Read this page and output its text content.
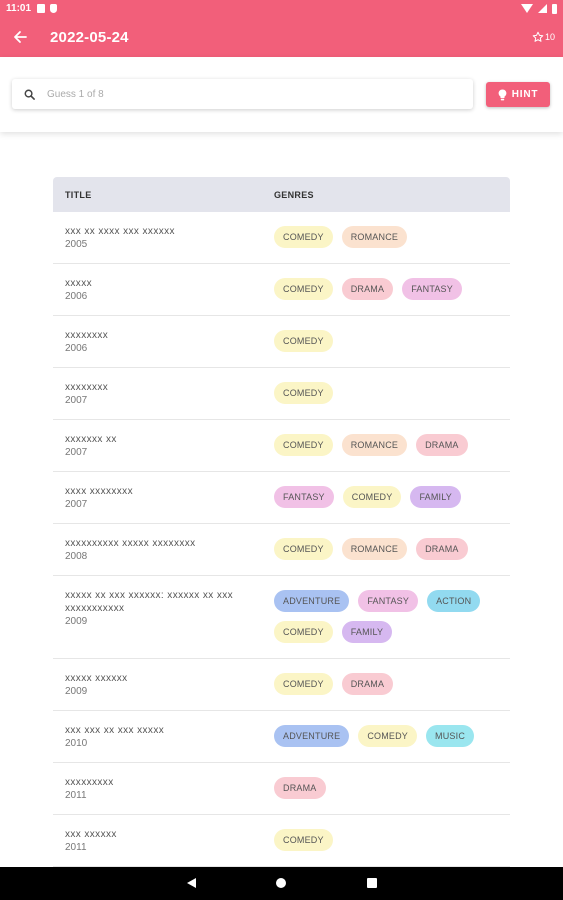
11:01
2022-05-24	10
Guess 1 of 8
HINT
TITLE	GENRES
xxx xx xxxx xxx xxxxxx
2005
COMEDY	ROMANCE
xxxxx
2006
COMEDY	DRAMA	FANTASY
xxxxxxxx
2006
COMEDY
xxxxxxxx
2007
COMEDY
xxxxxxx xx
2007
COMEDY	ROMANCE	DRAMA
xxxx xxxxxxxx
2007
FANTASY	COMEDY	FAMILY
xxxxxxxxxx xxxxx xxxxxxxx
2008
COMEDY	ROMANCE	DRAMA
xxxxx xx xxx xxxxxx: xxxxxx xx xxx xxxxxxxxxxx
2009
ADVENTURE	FANTASY	ACTION
COMEDY	FAMILY
xxxxx xxxxxx
2009
COMEDY	DRAMA
xxx xxx xx xxx xxxxx
2010
ADVENTURE	COMEDY	MUSIC
xxxxxxxxx
2011
DRAMA
xxx xxxxxx
2011
COMEDY
